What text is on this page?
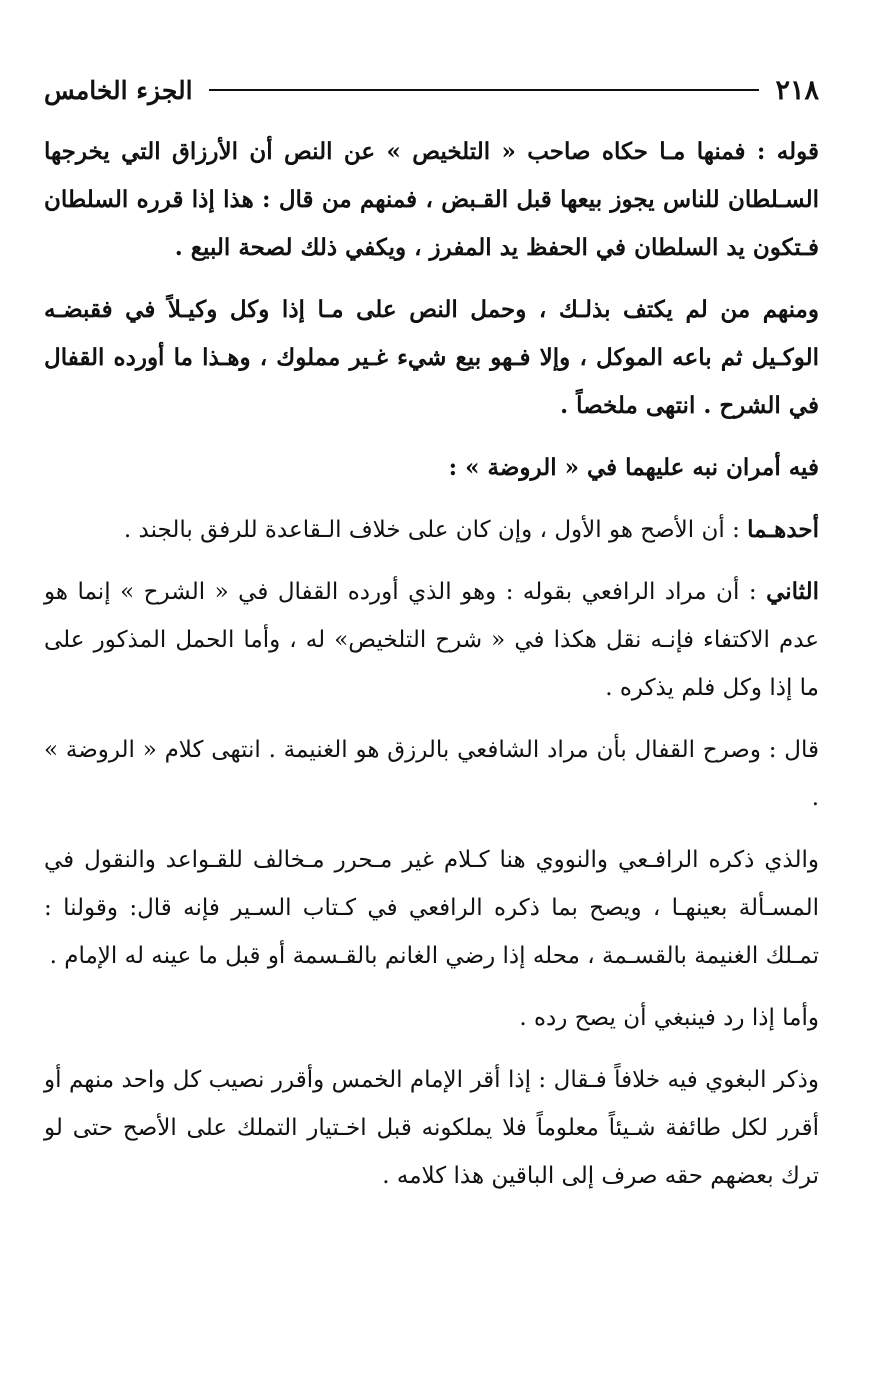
٢١٨
الجزء الخامس

قوله : فمنها مـا حكاه صاحب « التلخيص » عن النص أن الأرزاق التي يخرجها السـلطان للناس يجوز بيعها قبل القـبض ، فمنهم من قال : هذا إذا قرره السلطان فـتكون يد السلطان في الحفظ يد المفرز ، ويكفي ذلك لصحة البيع .

ومنهم من لم يكتف بذلـك ، وحمل النص على مـا إذا وكل وكيـلاً في فقبضـه الوكـيل ثم باعه الموكل ، وإلا فـهو بيع شيء غـير مملوك ، وهـذا ما أورده القفال في الشرح . انتهى ملخصاً .

فيه أمران نبه عليهما في « الروضة » :

أحدهـما : أن الأصح هو الأول ، وإن كان على خلاف الـقاعدة للرفق بالجند .

الثاني : أن مراد الرافعي بقوله : وهو الذي أورده القفال في « الشرح » إنما هو عدم الاكتفاء فإنـه نقل هكذا في « شرح التلخيص» له ، وأما الحمل المذكور على ما إذا وكل فلم يذكره .

قال : وصرح القفال بأن مراد الشافعي بالرزق هو الغنيمة . انتهى كلام « الروضة » .

والذي ذكره الرافـعي والنووي هنا كـلام غير مـحرر مـخالف للقـواعد والنقول في المسـألة بعينهـا ، ويصح بما ذكره الرافعي في كـتاب السـير فإنه قال: وقولنا : تمـلك الغنيمة بالقسـمة ، محله إذا رضي الغانم بالقـسمة أو قبل ما عينه له الإمام .

وأما إذا رد فينبغي أن يصح رده .

وذكر البغوي فيه خلافاً فـقال : إذا أقر الإمام الخمس وأقرر نصيب كل واحد منهم أو أقرر لكل طائفة شـيئاً معلوماً فلا يملكونه قبل اخـتيار التملك على الأصح حتى لو ترك بعضهم حقه صرف إلى الباقين هذا كلامه .
